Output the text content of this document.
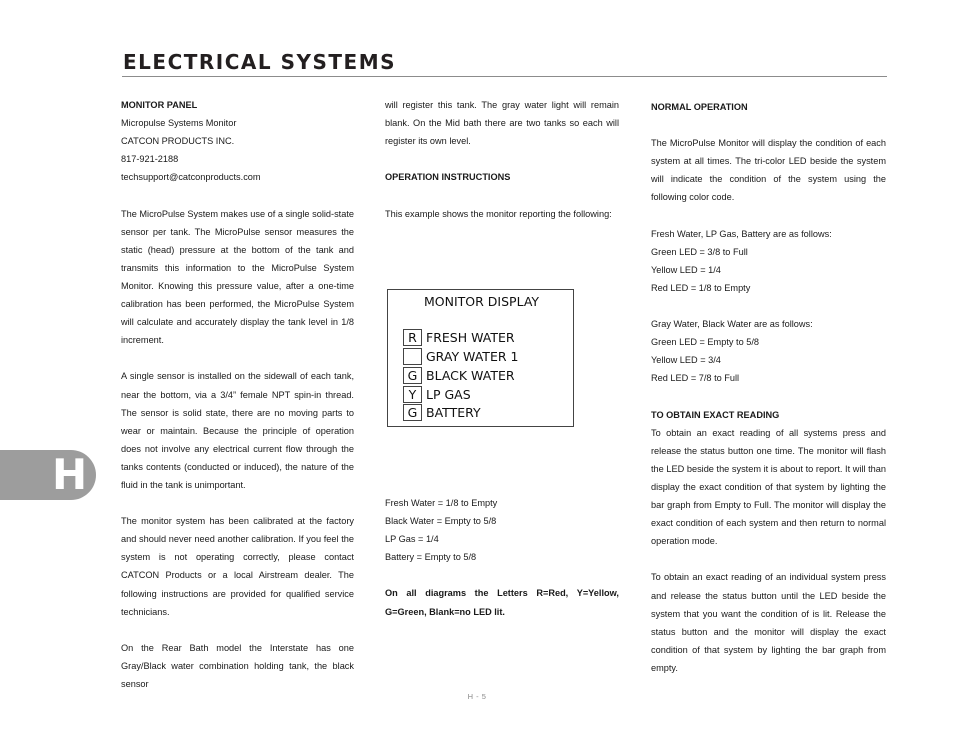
ELECTRICAL SYSTEMS

MONITOR PANEL

Micropulse Systems Monitor

CATCON PRODUCTS INC.

817-921-2188

techsupport@catconproducts.com

The MicroPulse System makes use of a single solid-state sensor per tank. The MicroPulse sensor measures the static (head) pressure at the bottom of the tank and transmits this information to the MicroPulse System Monitor. Knowing this pressure value, after a one-time calibration has been performed, the MicroPulse System will calculate and accurately display the tank level in 1/8 increment.

A single sensor is installed on the sidewall of each tank, near the bottom, via a 3/4” female NPT spin-in thread. The sensor is solid state, there are no moving parts to wear or maintain. Because the principle of operation does not involve any electrical current flow through the tanks contents (conducted or induced), the nature of the fluid in the tank is unimportant.

The monitor system has been calibrated at the factory and should never need another calibration. If you feel the system is not operating correctly, please contact CATCON Products or a local Airstream dealer. The following instructions are provided for qualified service technicians.

On the Rear Bath model the Interstate has one Gray/Black water combination holding tank, the black sensor

will register this tank. The gray water light will remain blank. On the Mid bath there are two tanks so each will register its own level.

OPERATION INSTRUCTIONS

This example shows the monitor reporting the following:

MONITOR DISPLAY
R FRESH WATER
GRAY WATER 1
G BLACK WATER
Y LP GAS
G BATTERY

Fresh Water = 1/8 to Empty

Black Water = Empty to 5/8

LP Gas = 1/4

Battery = Empty to 5/8

On all diagrams the Letters R=Red, Y=Yellow, G=Green, Blank=no LED lit.

NORMAL OPERATION

The MicroPulse Monitor will display the condition of each system at all times. The tri-color LED beside the system will indicate the condition of the system using the following color code.

Fresh Water, LP Gas, Battery are as follows:

Green LED = 3/8 to Full

Yellow LED = 1/4

Red LED = 1/8 to Empty

Gray Water, Black Water are as follows:

Green LED = Empty to 5/8

Yellow LED = 3/4

Red LED = 7/8 to Full

TO OBTAIN EXACT READING

To obtain an exact reading of all systems press and release the status button one time. The monitor will flash the LED beside the system it is about to report. It will than display the exact condition of that system by lighting the bar graph from Empty to Full. The monitor will display the exact condition of each system and then return to normal operation mode.

To obtain an exact reading of an individual system press and release the status button until the LED beside the system that you want the condition of is lit. Release the status button and the monitor will display the exact condition of that system by lighting the bar graph from empty.

H
H - 5
